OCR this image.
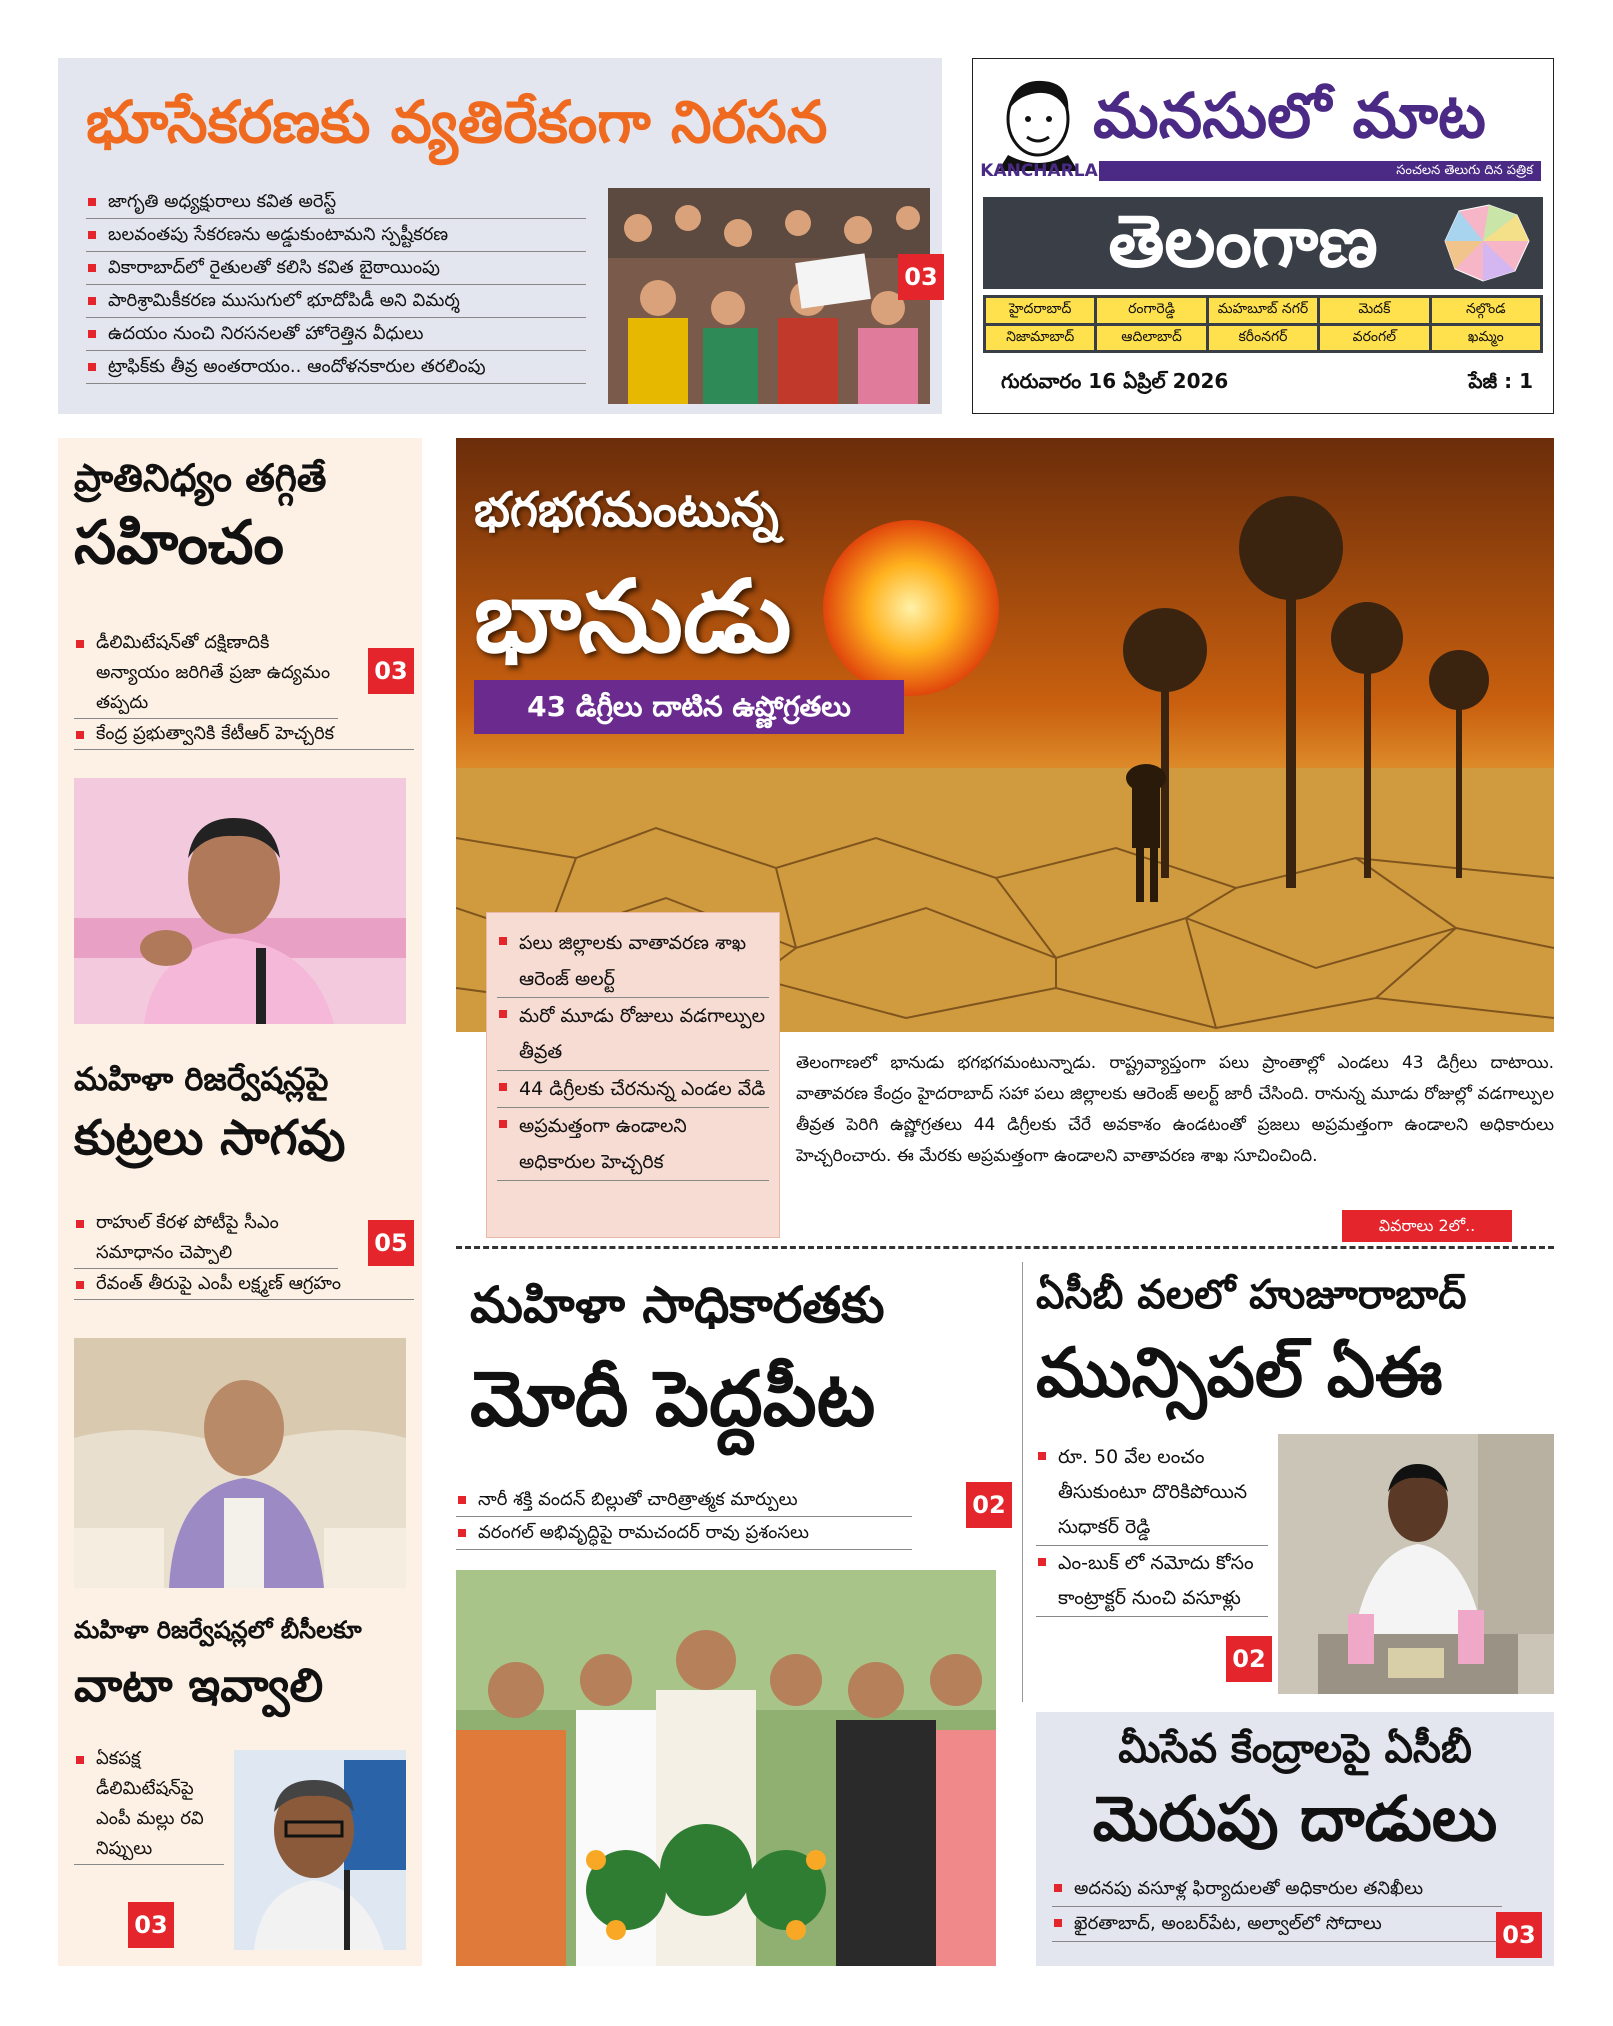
భూసేకరణకు వ్యతిరేకంగా నిరసన
జాగృతి అధ్యక్షురాలు కవిత అరెస్ట్
బలవంతపు సేకరణను అడ్డుకుంటామని స్పష్టీకరణ
వికారాబాద్‌లో రైతులతో కలిసి కవిత బైఠాయింపు
పారిశ్రామికీకరణ ముసుగులో భూదోపిడీ అని విమర్శ
ఉదయం నుంచి నిరసనలతో హోరెత్తిన వీధులు
ట్రాఫిక్‌కు తీవ్ర అంతరాయం.. ఆందోళనకారుల తరలింపు
03
KANCHARLA
మనసులో మాట
సంచలన తెలుగు దిన పత్రిక
తెలంగాణ
హైదరాబాద్	రంగారెడ్డి	మహబూబ్ నగర్	మెదక్	నల్గొండ
నిజామాబాద్	ఆదిలాబాద్	కరీంనగర్	వరంగల్	ఖమ్మం
గురువారం 16 ఏప్రిల్ 2026	పేజీ : 1
ప్రాతినిధ్యం తగ్గితే
సహించం
డీలిమిటేషన్‌తో దక్షిణాదికి అన్యాయం జరిగితే ప్రజా ఉద్యమం తప్పదు
కేంద్ర ప్రభుత్వానికి కేటీఆర్ హెచ్చరిక
03
మహిళా రిజర్వేషన్లపై
కుట్రలు సాగవు
రాహుల్ కేరళ పోటీపై సీఎం సమాధానం చెప్పాలి
రేవంత్ తీరుపై ఎంపీ లక్ష్మణ్ ఆగ్రహం
05
మహిళా రిజర్వేషన్లలో బీసీలకూ
వాటా ఇవ్వాలి
ఏకపక్ష డీలిమిటేషన్‌పై ఎంపీ మల్లు రవి నిప్పులు
03
భగభగమంటున్న
భానుడు
43 డిగ్రీలు దాటిన ఉష్ణోగ్రతలు
పలు జిల్లాలకు వాతావరణ శాఖ ఆరెంజ్ అలర్ట్
మరో మూడు రోజులు వడగాల్పుల తీవ్రత
44 డిగ్రీలకు చేరనున్న ఎండల వేడి
అప్రమత్తంగా ఉండాలని అధికారుల హెచ్చరిక
తెలంగాణలో భానుడు భగభగమంటున్నాడు. రాష్ట్రవ్యాప్తంగా పలు ప్రాంతాల్లో ఎండలు 43 డిగ్రీలు దాటాయి. వాతావరణ కేంద్రం హైదరాబాద్ సహా పలు జిల్లాలకు ఆరెంజ్ అలర్ట్ జారీ చేసింది. రానున్న మూడు రోజుల్లో వడగాల్పుల తీవ్రత పెరిగి ఉష్ణోగ్రతలు 44 డిగ్రీలకు చేరే అవకాశం ఉండటంతో ప్రజలు అప్రమత్తంగా ఉండాలని అధికారులు హెచ్చరించారు. ఈ మేరకు అప్రమత్తంగా ఉండాలని వాతావరణ శాఖ సూచించింది.
వివరాలు 2లో..
మహిళా సాధికారతకు
మోదీ పెద్దపీట
నారీ శక్తి వందన్ బిల్లుతో చారిత్రాత్మక మార్పులు
వరంగల్ అభివృద్ధిపై రామచందర్ రావు ప్రశంసలు
02
ఏసీబీ వలలో హుజూరాబాద్
మున్సిపల్ ఏఈ
రూ. 50 వేల లంచం తీసుకుంటూ దొరికిపోయిన సుధాకర్ రెడ్డి
ఎం-బుక్ లో నమోదు కోసం కాంట్రాక్టర్ నుంచి వసూళ్లు
02
మీసేవ కేంద్రాలపై ఏసీబీ
మెరుపు దాడులు
అదనపు వసూళ్ల ఫిర్యాదులతో అధికారుల తనిఖీలు
ఖైరతాబాద్, అంబర్‌పేట, అల్వాల్‌లో సోదాలు	03
